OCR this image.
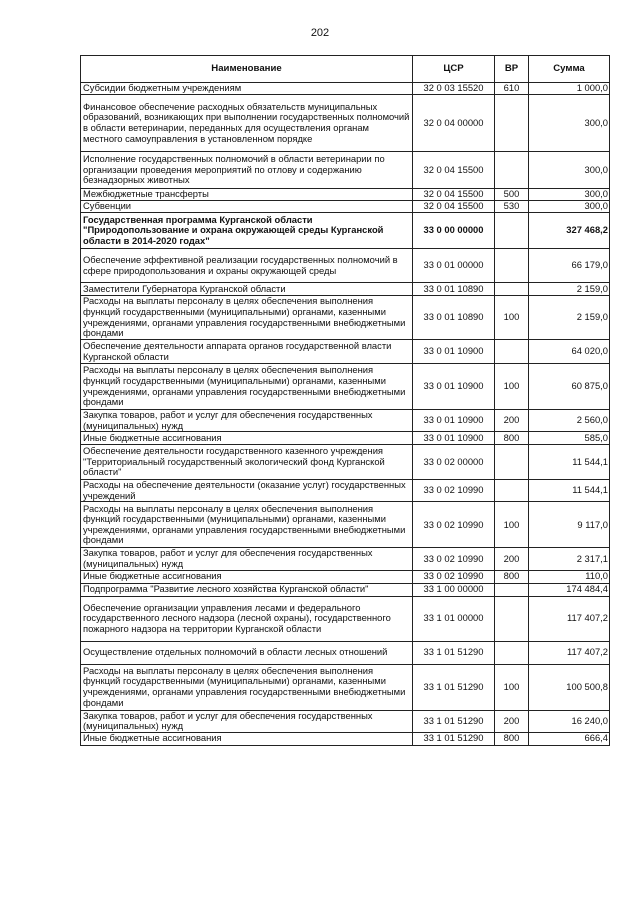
202
Наименование	ЦСР	ВР	Сумма
Субсидии бюджетным учреждениям	32 0 03 15520	610	1 000,0
Финансовое обеспечение расходных обязательств муниципальных образований, возникающих при выполнении государственных полномочий в области ветеринарии, переданных для осуществления органам местного самоуправления в установленном порядке	32 0 04 00000		300,0
Исполнение государственных полномочий в области ветеринарии по организации проведения мероприятий по отлову и содержанию безнадзорных животных	32 0 04 15500		300,0
Межбюджетные трансферты	32 0 04 15500	500	300,0
Субвенции	32 0 04 15500	530	300,0
Государственная программа Курганской области "Природопользование и охрана окружающей среды Курганской области в 2014-2020 годах"	33 0 00 00000		327 468,2
Обеспечение эффективной реализации государственных полномочий в сфере природопользования и охраны окружающей среды	33 0 01 00000		66 179,0
Заместители Губернатора Курганской области	33 0 01 10890		2 159,0
Расходы на выплаты персоналу в целях обеспечения выполнения функций государственными (муниципальными) органами, казенными учреждениями, органами управления государственными внебюджетными фондами	33 0 01 10890	100	2 159,0
Обеспечение деятельности аппарата органов государственной власти Курганской области	33 0 01 10900		64 020,0
Расходы на выплаты персоналу в целях обеспечения выполнения функций государственными (муниципальными) органами, казенными учреждениями, органами управления государственными внебюджетными фондами	33 0 01 10900	100	60 875,0
Закупка товаров, работ и услуг для обеспечения государственных (муниципальных) нужд	33 0 01 10900	200	2 560,0
Иные бюджетные ассигнования	33 0 01 10900	800	585,0
Обеспечение деятельности государственного казенного учреждения "Территориальный государственный экологический фонд Курганской области"	33 0 02 00000		11 544,1
Расходы на обеспечение деятельности (оказание услуг) государственных учреждений	33 0 02 10990		11 544,1
Расходы на выплаты персоналу в целях обеспечения выполнения функций государственными (муниципальными) органами, казенными учреждениями, органами управления государственными внебюджетными фондами	33 0 02 10990	100	9 117,0
Закупка товаров, работ и услуг для обеспечения государственных (муниципальных) нужд	33 0 02 10990	200	2 317,1
Иные бюджетные ассигнования	33 0 02 10990	800	110,0
Подпрограмма "Развитие лесного хозяйства Курганской области"	33 1 00 00000		174 484,4
Обеспечение организации управления лесами и федерального государственного лесного надзора (лесной охраны), государственного пожарного надзора на территории Курганской области	33 1 01 00000		117 407,2
Осуществление отдельных полномочий в области лесных отношений	33 1 01 51290		117 407,2
Расходы на выплаты персоналу в целях обеспечения выполнения функций государственными (муниципальными) органами, казенными учреждениями, органами управления государственными внебюджетными фондами	33 1 01 51290	100	100 500,8
Закупка товаров, работ и услуг для обеспечения государственных (муниципальных) нужд	33 1 01 51290	200	16 240,0
Иные бюджетные ассигнования	33 1 01 51290	800	666,4
